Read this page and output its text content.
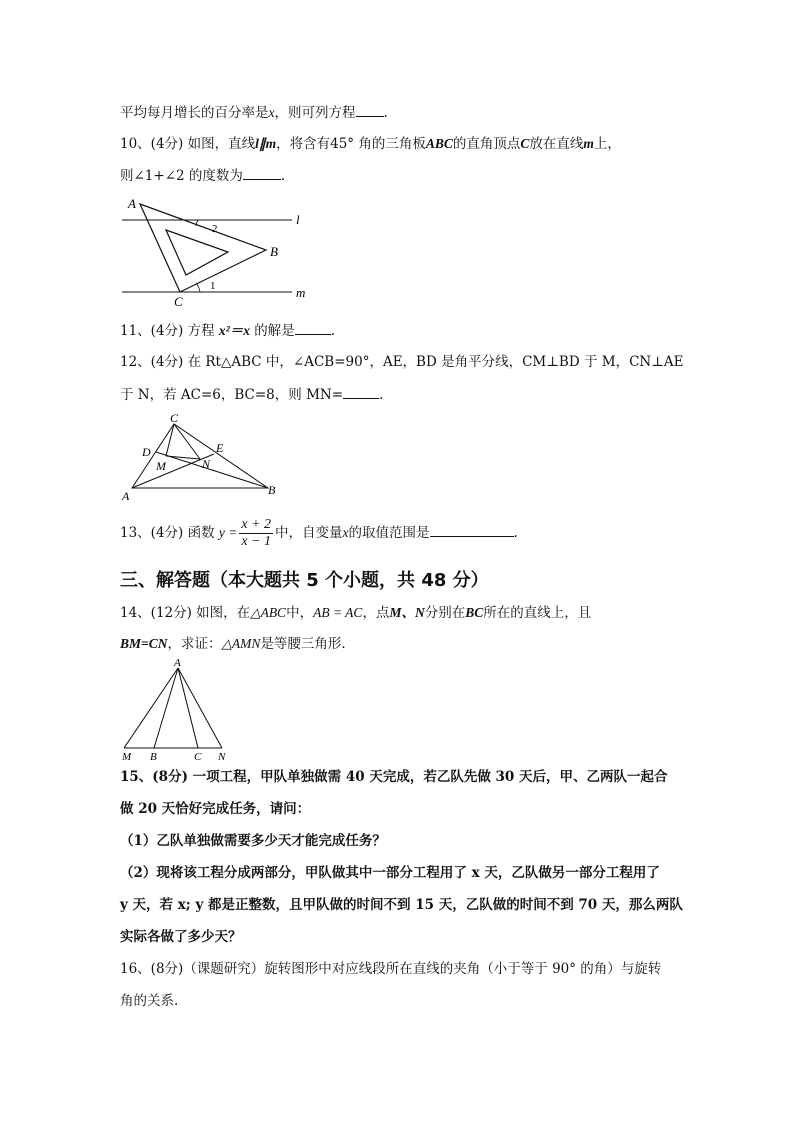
平均每月增长的百分率是x，则可列方程 .
10、(4分) 如图，直线l∥m，将含有45° 角的三角板ABC的直角顶点C放在直线m上，
则∠1+∠2 的度数为	.
A
B
C
l
m
1
2
11、(4分) 方程 x²＝x 的解是	.
12、(4分) 在 Rt△ABC 中，∠ACB=90°，AE，BD 是角平分线，CM⊥BD 于 M，CN⊥AE
于 N，若 AC=6，BC=8，则 MN=	.
A	B
C
D	E
M	N
13、(4分) 函数 $y = \frac{x + 2}{x - 1}$ 中，自变量x的取值范围是	.
三、解答题（本大题共 5 个小题，共 48 分）
14、(12分) 如图，在△ABC中，AB = AC，点M、N分别在BC所在的直线上，且
BM=CN，求证：△AMN是等腰三角形.
A
M B	C N
15、(8分) 一项工程，甲队单独做需 40 天完成，若乙队先做 30 天后，甲、乙两队一起合
做 20 天恰好完成任务，请问：
（1）乙队单独做需要多少天才能完成任务？
（2）现将该工程分成两部分，甲队做其中一部分工程用了 x 天，乙队做另一部分工程用了
y 天，若 x; y 都是正整数，且甲队做的时间不到 15 天，乙队做的时间不到 70 天，那么两队
实际各做了多少天？
16、(8分)（课题研究）旋转图形中对应线段所在直线的夹角（小于等于 90° 的角）与旋转
角的关系.
